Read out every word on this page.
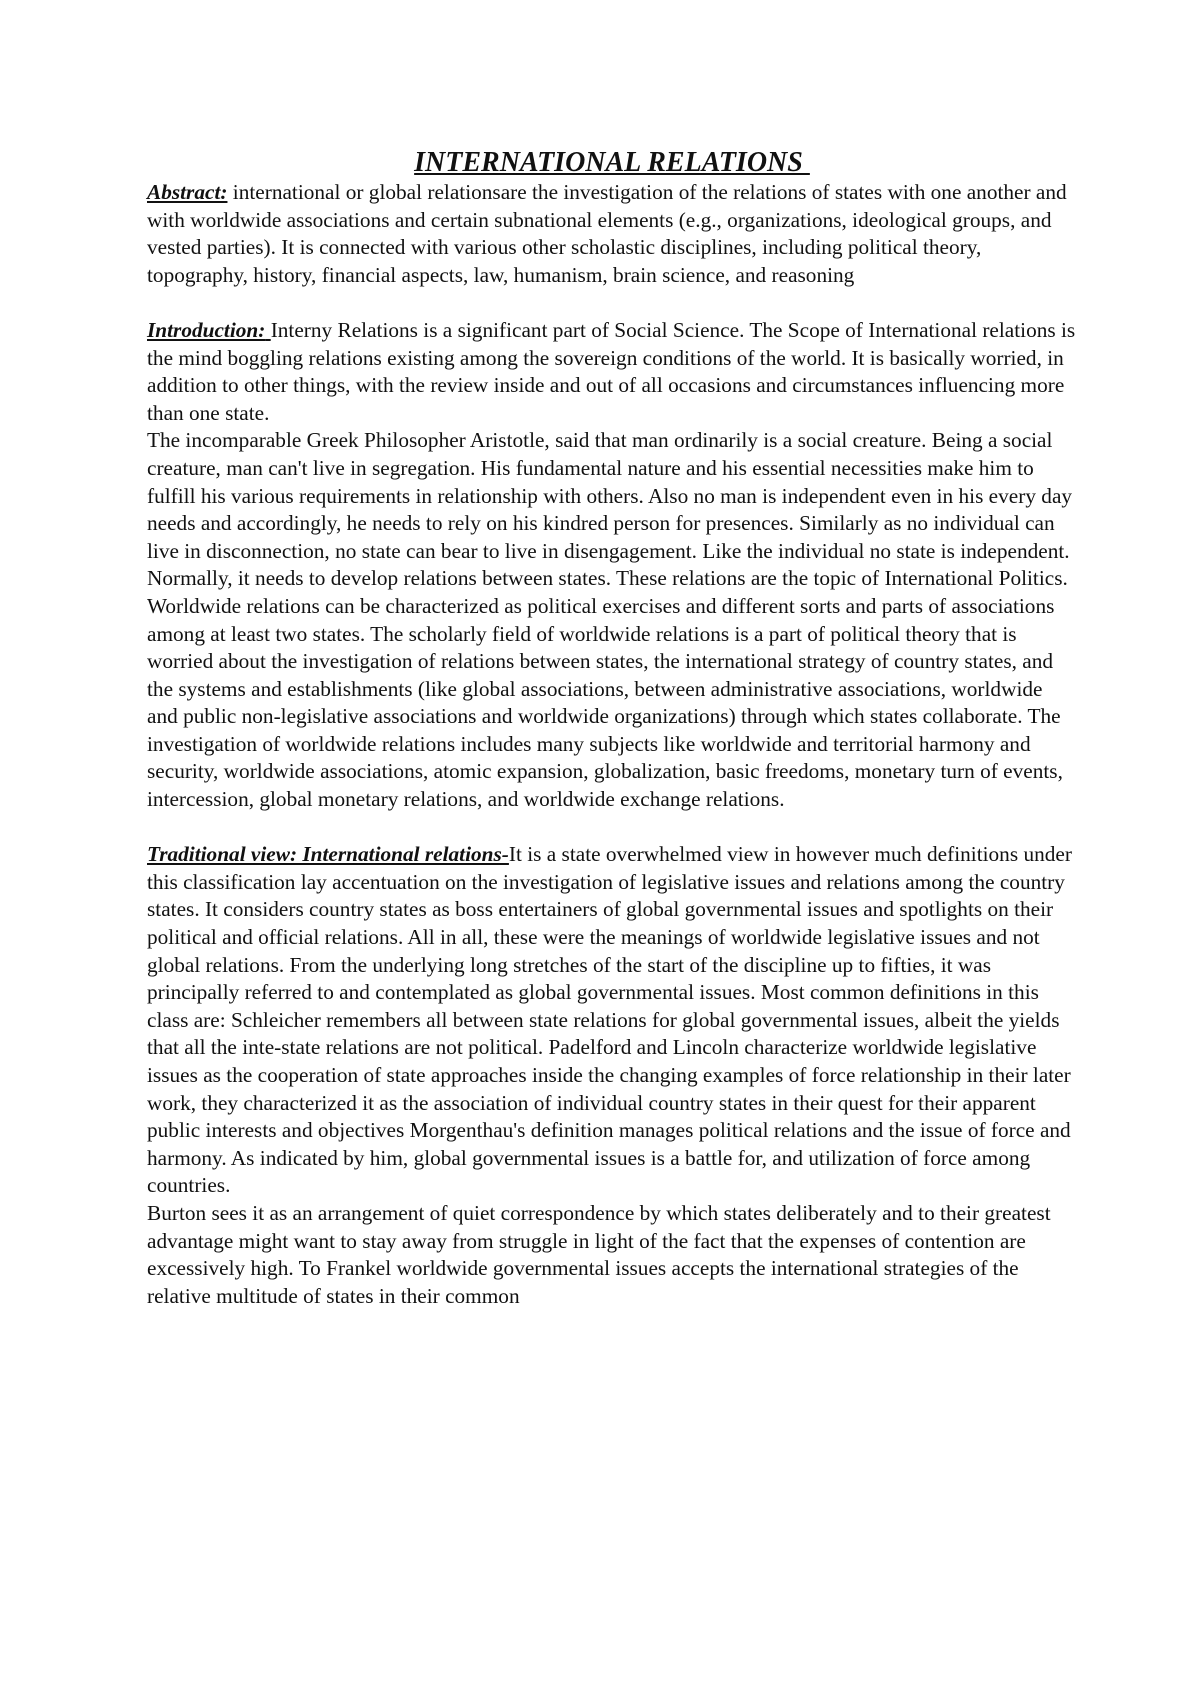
INTERNATIONAL RELATIONS

Abstract: international or global relationsare the investigation of the relations of states with one another and with worldwide associations and certain subnational elements (e.g., organizations, ideological groups, and vested parties). It is connected with various other scholastic disciplines, including political theory, topography, history, financial aspects, law, humanism, brain science, and reasoning

Introduction: Interny Relations is a significant part of Social Science. The Scope of International relations is the mind boggling relations existing among the sovereign conditions of the world. It is basically worried, in addition to other things, with the review inside and out of all occasions and circumstances influencing more than one state.

The incomparable Greek Philosopher Aristotle, said that man ordinarily is a social creature. Being a social creature, man can't live in segregation. His fundamental nature and his essential necessities make him to fulfill his various requirements in relationship with others. Also no man is independent even in his every day needs and accordingly, he needs to rely on his kindred person for presences. Similarly as no individual can live in disconnection, no state can bear to live in disengagement. Like the individual no state is independent. Normally, it needs to develop relations between states. These relations are the topic of International Politics.

Worldwide relations can be characterized as political exercises and different sorts and parts of associations among at least two states. The scholarly field of worldwide relations is a part of political theory that is worried about the investigation of relations between states, the international strategy of country states, and the systems and establishments (like global associations, between administrative associations, worldwide and public non-legislative associations and worldwide organizations) through which states collaborate. The investigation of worldwide relations includes many subjects like worldwide and territorial harmony and security, worldwide associations, atomic expansion, globalization, basic freedoms, monetary turn of events, intercession, global monetary relations, and worldwide exchange relations.

Traditional view: International relations-It is a state overwhelmed view in however much definitions under this classification lay accentuation on the investigation of legislative issues and relations among the country states. It considers country states as boss entertainers of global governmental issues and spotlights on their political and official relations. All in all, these were the meanings of worldwide legislative issues and not global relations. From the underlying long stretches of the start of the discipline up to fifties, it was principally referred to and contemplated as global governmental issues. Most common definitions in this class are: Schleicher remembers all between state relations for global governmental issues, albeit the yields that all the inte-state relations are not political. Padelford and Lincoln characterize worldwide legislative issues as the cooperation of state approaches inside the changing examples of force relationship in their later work, they characterized it as the association of individual country states in their quest for their apparent public interests and objectives Morgenthau's definition manages political relations and the issue of force and harmony. As indicated by him, global governmental issues is a battle for, and utilization of force among countries.

Burton sees it as an arrangement of quiet correspondence by which states deliberately and to their greatest advantage might want to stay away from struggle in light of the fact that the expenses of contention are excessively high. To Frankel worldwide governmental issues accepts the international strategies of the relative multitude of states in their common
